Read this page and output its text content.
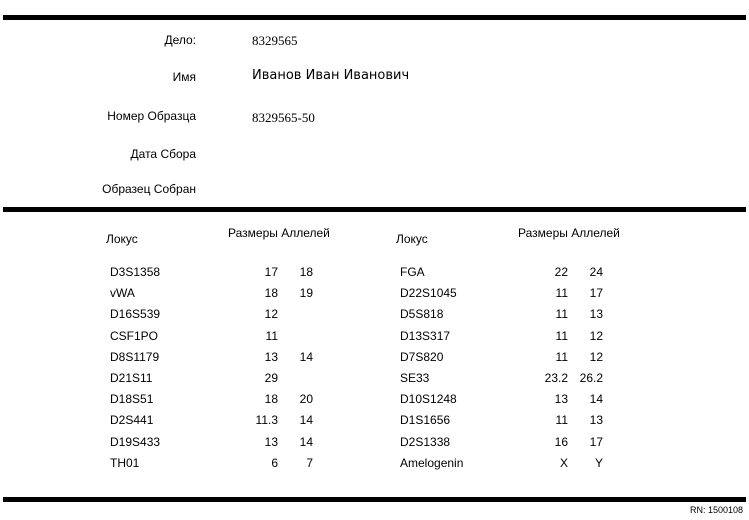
Дело:	8329565
Имя	Иванов Иван Иванович
Номер Образца	8329565-50
Дата Сбора
Образец Собран
Локус	Размеры Аллелей	Локус	Размеры Аллелей
D3S1358	17	18
vWA	18	19
D16S539	12
CSF1PO	11
D8S1179	13	14
D21S11	29
D18S51	18	20
D2S441	11.3	14
D19S433	13	14
TH01	6	7
FGA	22	24
D22S1045	11	17
D5S818	11	13
D13S317	11	12
D7S820	11	12
SE33	23.2 26.2
D10S1248	13	14
D1S1656	11	13
D2S1338	16	17
Amelogenin	X	Y
RN: 1500108
